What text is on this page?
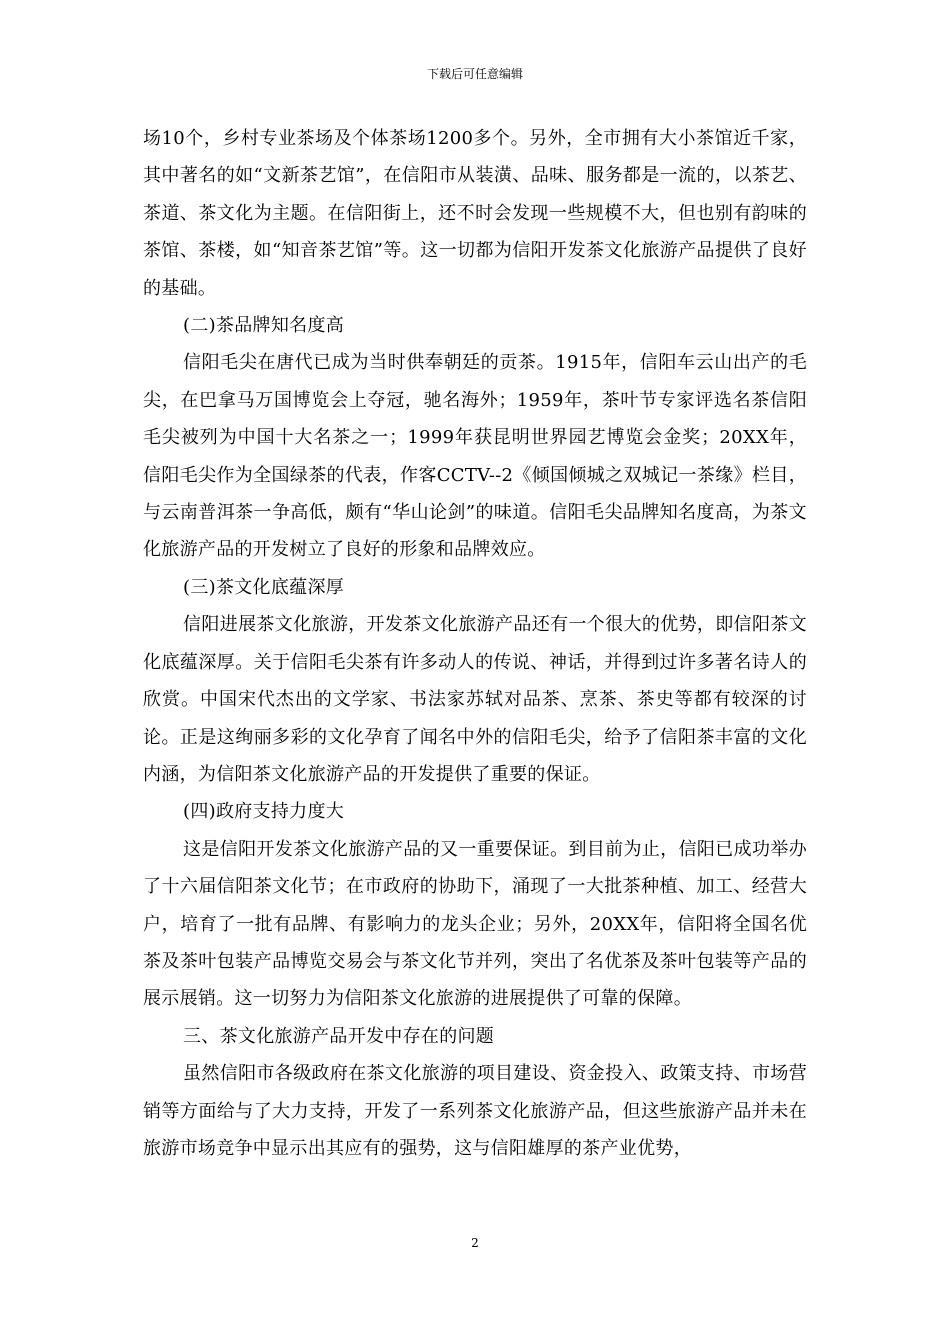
下载后可任意编辑

场10个，乡村专业茶场及个体茶场1200多个。另外，全市拥有大小茶馆近千家，其中著名的如“文新茶艺馆”，在信阳市从装潢、品味、服务都是一流的，以茶艺、茶道、茶文化为主题。在信阳街上，还不时会发现一些规模不大，但也别有韵味的茶馆、茶楼，如“知音茶艺馆”等。这一切都为信阳开发茶文化旅游产品提供了良好的基础。

(二)茶品牌知名度高

信阳毛尖在唐代已成为当时供奉朝廷的贡茶。1915年，信阳车云山出产的毛尖，在巴拿马万国博览会上夺冠，驰名海外；1959年，茶叶节专家评选名茶信阳毛尖被列为中国十大名茶之一；1999年获昆明世界园艺博览会金奖；20XX年，信阳毛尖作为全国绿茶的代表，作客CCTV--2《倾国倾城之双城记一茶缘》栏目，与云南普洱茶一争高低，颇有“华山论剑”的味道。信阳毛尖品牌知名度高，为茶文化旅游产品的开发树立了良好的形象和品牌效应。

(三)茶文化底蕴深厚

信阳进展茶文化旅游，开发茶文化旅游产品还有一个很大的优势，即信阳茶文化底蕴深厚。关于信阳毛尖茶有许多动人的传说、神话，并得到过许多著名诗人的欣赏。中国宋代杰出的文学家、书法家苏轼对品茶、烹茶、茶史等都有较深的讨论。正是这绚丽多彩的文化孕育了闻名中外的信阳毛尖，给予了信阳茶丰富的文化内涵，为信阳茶文化旅游产品的开发提供了重要的保证。

(四)政府支持力度大

这是信阳开发茶文化旅游产品的又一重要保证。到目前为止，信阳已成功举办了十六届信阳茶文化节；在市政府的协助下，涌现了一大批茶种植、加工、经营大户，培育了一批有品牌、有影响力的龙头企业；另外，20XX年，信阳将全国名优茶及茶叶包装产品博览交易会与茶文化节并列，突出了名优茶及茶叶包装等产品的展示展销。这一切努力为信阳茶文化旅游的进展提供了可靠的保障。

三、茶文化旅游产品开发中存在的问题

虽然信阳市各级政府在茶文化旅游的项目建设、资金投入、政策支持、市场营销等方面给与了大力支持，开发了一系列茶文化旅游产品，但这些旅游产品并未在旅游市场竞争中显示出其应有的强势，这与信阳雄厚的茶产业优势，

2
